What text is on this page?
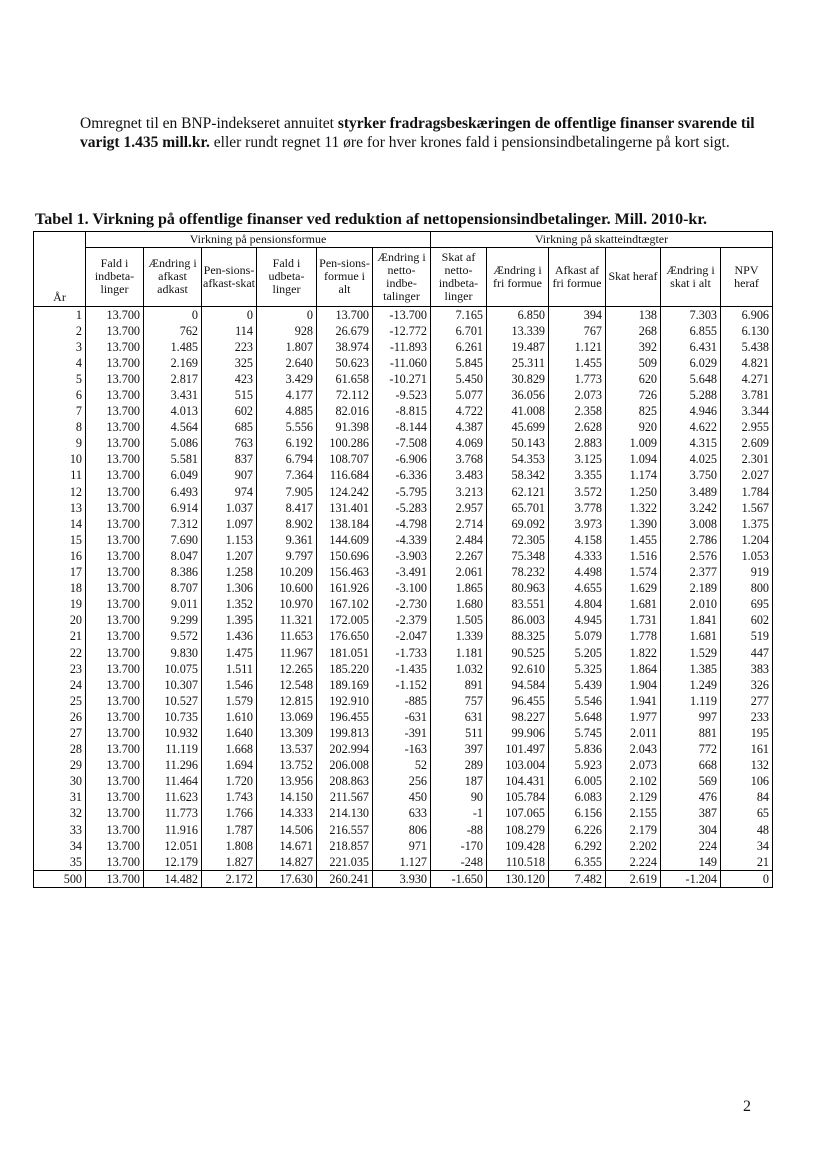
Omregnet til en BNP-indekseret annuitet styrker fradragsbeskæringen de offentlige finanser svarende til varigt 1.435 mill.kr. eller rundt regnet 11 øre for hver krones fald i pensionsindbetalingerne på kort sigt.
Tabel 1. Virkning på offentlige finanser ved reduktion af nettopensionsindbetalinger. Mill. 2010-kr.
	Virkning på pensionsformue						Virkning på skatteindtægter					
År	Fald i indbeta-linger	Ændring i afkast adkast	Pen-sions-afkast-skat	Fald i udbeta-linger	Pen-sions-formue i alt	Ændring i netto-indbe-talinger	Skat af netto-indbeta-linger	Ændring i fri formue	Afkast af fri formue	Skat heraf	Ændring i skat i alt	NPV heraf
1	13.700	0	0	0	13.700	-13.700	7.165	6.850	394	138	7.303	6.906
2	13.700	762	114	928	26.679	-12.772	6.701	13.339	767	268	6.855	6.130
3	13.700	1.485	223	1.807	38.974	-11.893	6.261	19.487	1.121	392	6.431	5.438
4	13.700	2.169	325	2.640	50.623	-11.060	5.845	25.311	1.455	509	6.029	4.821
5	13.700	2.817	423	3.429	61.658	-10.271	5.450	30.829	1.773	620	5.648	4.271
6	13.700	3.431	515	4.177	72.112	-9.523	5.077	36.056	2.073	726	5.288	3.781
7	13.700	4.013	602	4.885	82.016	-8.815	4.722	41.008	2.358	825	4.946	3.344
8	13.700	4.564	685	5.556	91.398	-8.144	4.387	45.699	2.628	920	4.622	2.955
9	13.700	5.086	763	6.192	100.286	-7.508	4.069	50.143	2.883	1.009	4.315	2.609
10	13.700	5.581	837	6.794	108.707	-6.906	3.768	54.353	3.125	1.094	4.025	2.301
11	13.700	6.049	907	7.364	116.684	-6.336	3.483	58.342	3.355	1.174	3.750	2.027
12	13.700	6.493	974	7.905	124.242	-5.795	3.213	62.121	3.572	1.250	3.489	1.784
13	13.700	6.914	1.037	8.417	131.401	-5.283	2.957	65.701	3.778	1.322	3.242	1.567
14	13.700	7.312	1.097	8.902	138.184	-4.798	2.714	69.092	3.973	1.390	3.008	1.375
15	13.700	7.690	1.153	9.361	144.609	-4.339	2.484	72.305	4.158	1.455	2.786	1.204
16	13.700	8.047	1.207	9.797	150.696	-3.903	2.267	75.348	4.333	1.516	2.576	1.053
17	13.700	8.386	1.258	10.209	156.463	-3.491	2.061	78.232	4.498	1.574	2.377	919
18	13.700	8.707	1.306	10.600	161.926	-3.100	1.865	80.963	4.655	1.629	2.189	800
19	13.700	9.011	1.352	10.970	167.102	-2.730	1.680	83.551	4.804	1.681	2.010	695
20	13.700	9.299	1.395	11.321	172.005	-2.379	1.505	86.003	4.945	1.731	1.841	602
21	13.700	9.572	1.436	11.653	176.650	-2.047	1.339	88.325	5.079	1.778	1.681	519
22	13.700	9.830	1.475	11.967	181.051	-1.733	1.181	90.525	5.205	1.822	1.529	447
23	13.700	10.075	1.511	12.265	185.220	-1.435	1.032	92.610	5.325	1.864	1.385	383
24	13.700	10.307	1.546	12.548	189.169	-1.152	891	94.584	5.439	1.904	1.249	326
25	13.700	10.527	1.579	12.815	192.910	-885	757	96.455	5.546	1.941	1.119	277
26	13.700	10.735	1.610	13.069	196.455	-631	631	98.227	5.648	1.977	997	233
27	13.700	10.932	1.640	13.309	199.813	-391	511	99.906	5.745	2.011	881	195
28	13.700	11.119	1.668	13.537	202.994	-163	397	101.497	5.836	2.043	772	161
29	13.700	11.296	1.694	13.752	206.008	52	289	103.004	5.923	2.073	668	132
30	13.700	11.464	1.720	13.956	208.863	256	187	104.431	6.005	2.102	569	106
31	13.700	11.623	1.743	14.150	211.567	450	90	105.784	6.083	2.129	476	84
32	13.700	11.773	1.766	14.333	214.130	633	-1	107.065	6.156	2.155	387	65
33	13.700	11.916	1.787	14.506	216.557	806	-88	108.279	6.226	2.179	304	48
34	13.700	12.051	1.808	14.671	218.857	971	-170	109.428	6.292	2.202	224	34
35	13.700	12.179	1.827	14.827	221.035	1.127	-248	110.518	6.355	2.224	149	21
500	13.700	14.482	2.172	17.630	260.241	3.930	-1.650	130.120	7.482	2.619	-1.204	0
2
